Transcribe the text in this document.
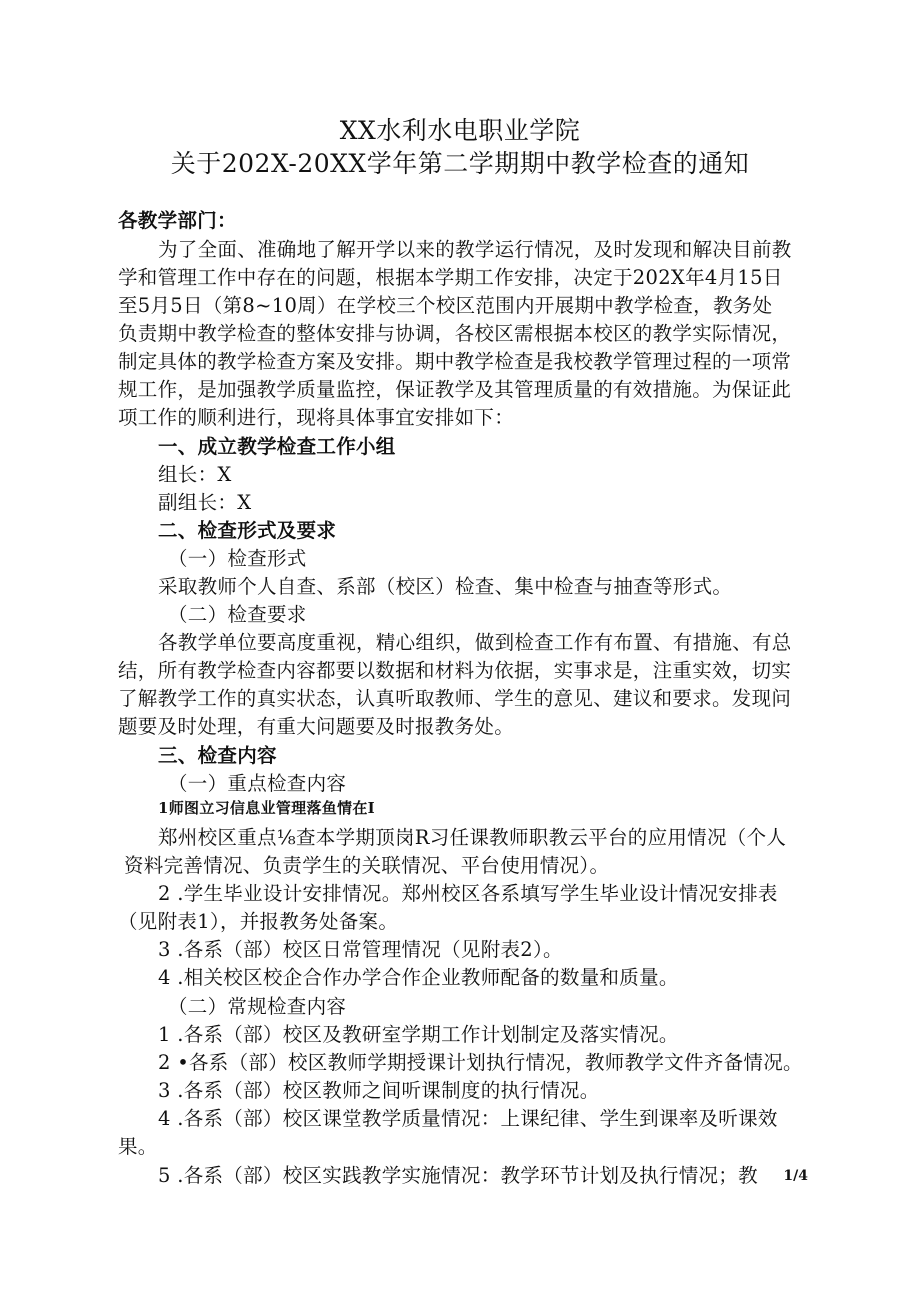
XX水利水电职业学院
关于202X-20XX学年第二学期期中教学检查的通知
各教学部门：
为了全面、准确地了解开学以来的教学运行情况，及时发现和解决目前教
学和管理工作中存在的问题，根据本学期工作安排，决定于202X年4月15日
至5月5日（第8~10周）在学校三个校区范围内开展期中教学检查，教务处
负责期中教学检查的整体安排与协调，各校区需根据本校区的教学实际情况，
制定具体的教学检查方案及安排。期中教学检查是我校教学管理过程的一项常
规工作，是加强教学质量监控，保证教学及其管理质量的有效措施。为保证此
项工作的顺利进行，现将具体事宜安排如下：
一、成立教学检查工作小组
组长：X
副组长：X
二、检查形式及要求
（一）检查形式
采取教师个人自查、系部（校区）检查、集中检查与抽查等形式。
（二）检查要求
各教学单位要高度重视，精心组织，做到检查工作有布置、有措施、有总
结，所有教学检查内容都要以数据和材料为依据，实事求是，注重实效，切实
了解教学工作的真实状态，认真听取教师、学生的意见、建议和要求。发现问
题要及时处理，有重大问题要及时报教务处。
三、检查内容
（一）重点检查内容
1师图立习信息业管理落鱼情在I
郑州校区重点⅛查本学期顶岗R习任课教师职教云平台的应用情况（个人
资料完善情况、负责学生的关联情况、平台使用情况）。
2 .学生毕业设计安排情况。郑州校区各系填写学生毕业设计情况安排表
（见附表1），并报教务处备案。
3 .各系（部）校区日常管理情况（见附表2）。
4 .相关校区校企合作办学合作企业教师配备的数量和质量。
（二）常规检查内容
1 .各系（部）校区及教研室学期工作计划制定及落实情况。
2 •各系（部）校区教师学期授课计划执行情况，教师教学文件齐备情况。
3 .各系（部）校区教师之间听课制度的执行情况。
4 .各系（部）校区课堂教学质量情况：上课纪律、学生到课率及听课效
果。
5 .各系（部）校区实践教学实施情况：教学环节计划及执行情况；教 1/4
